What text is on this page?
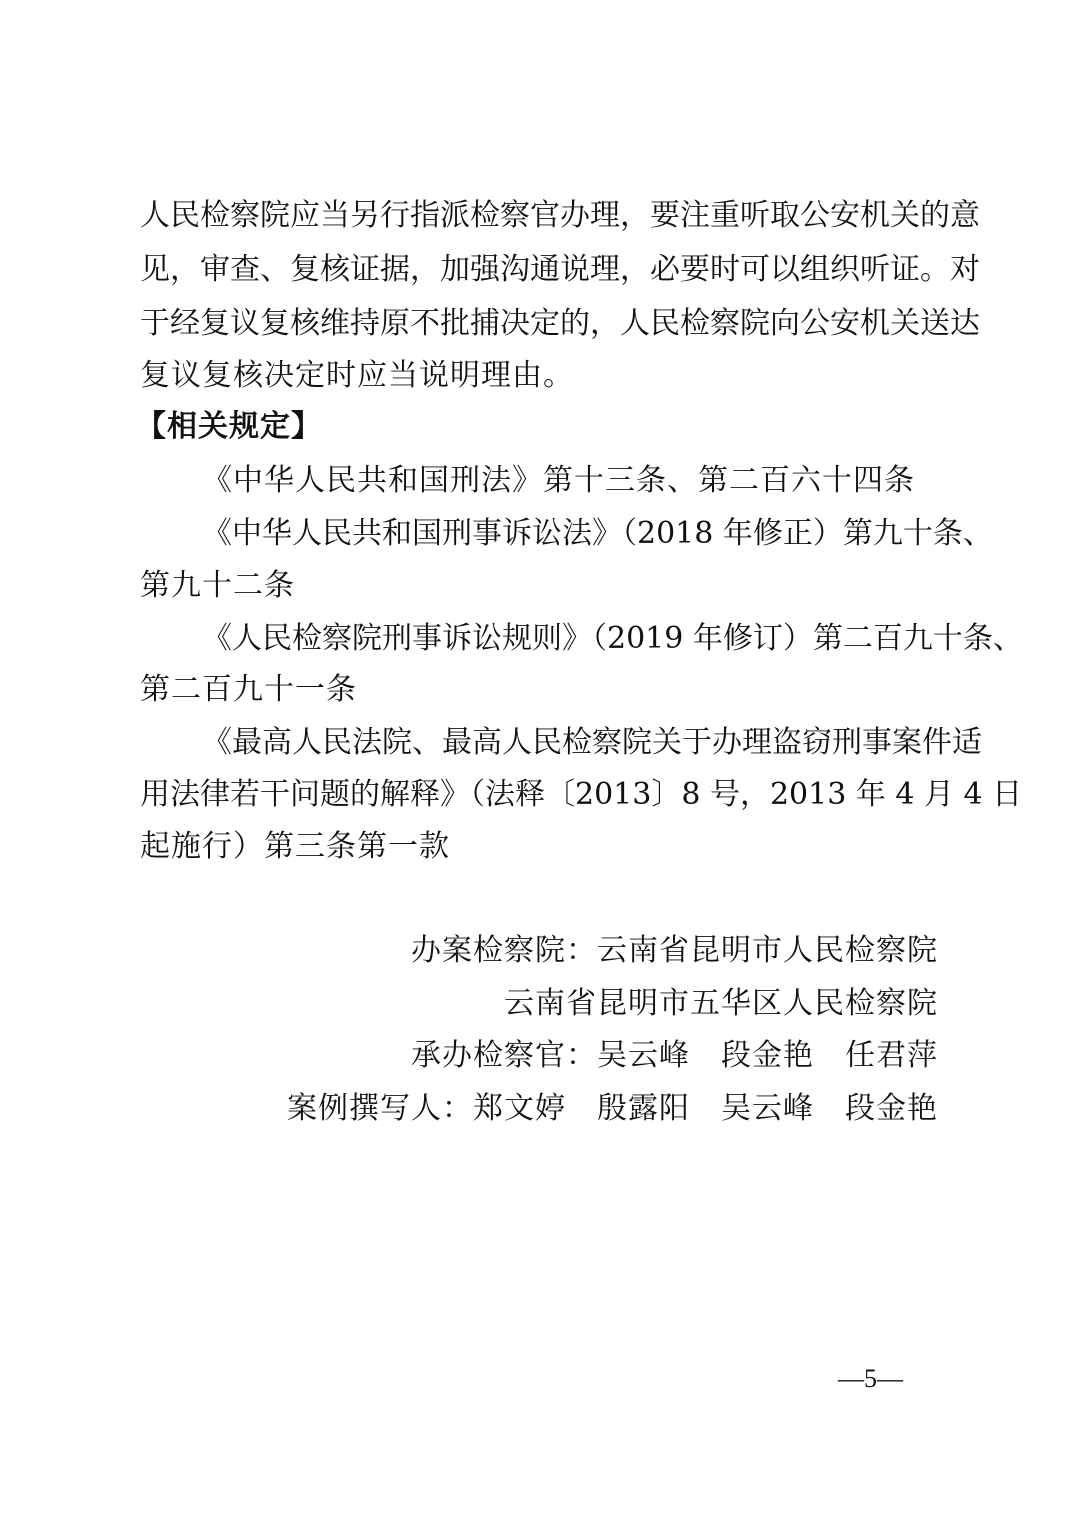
人民检察院应当另行指派检察官办理，要注重听取公安机关的意
见，审查、复核证据，加强沟通说理，必要时可以组织听证。对
于经复议复核维持原不批捕决定的，人民检察院向公安机关送达
复议复核决定时应当说明理由。
【相关规定】
《中华人民共和国刑法》第十三条、第二百六十四条
《中华人民共和国刑事诉讼法》（2018 年修正）第九十条、
第九十二条
《人民检察院刑事诉讼规则》（2019 年修订）第二百九十条、
第二百九十一条
《最高人民法院、最高人民检察院关于办理盗窃刑事案件适
用法律若干问题的解释》（法释〔2013〕8 号，2013 年 4 月 4 日
起施行）第三条第一款
办案检察院：云南省昆明市人民检察院
云南省昆明市五华区人民检察院
承办检察官：吴云峰　段金艳　任君萍
案例撰写人：郑文婷　殷露阳　吴云峰　段金艳
—5—
